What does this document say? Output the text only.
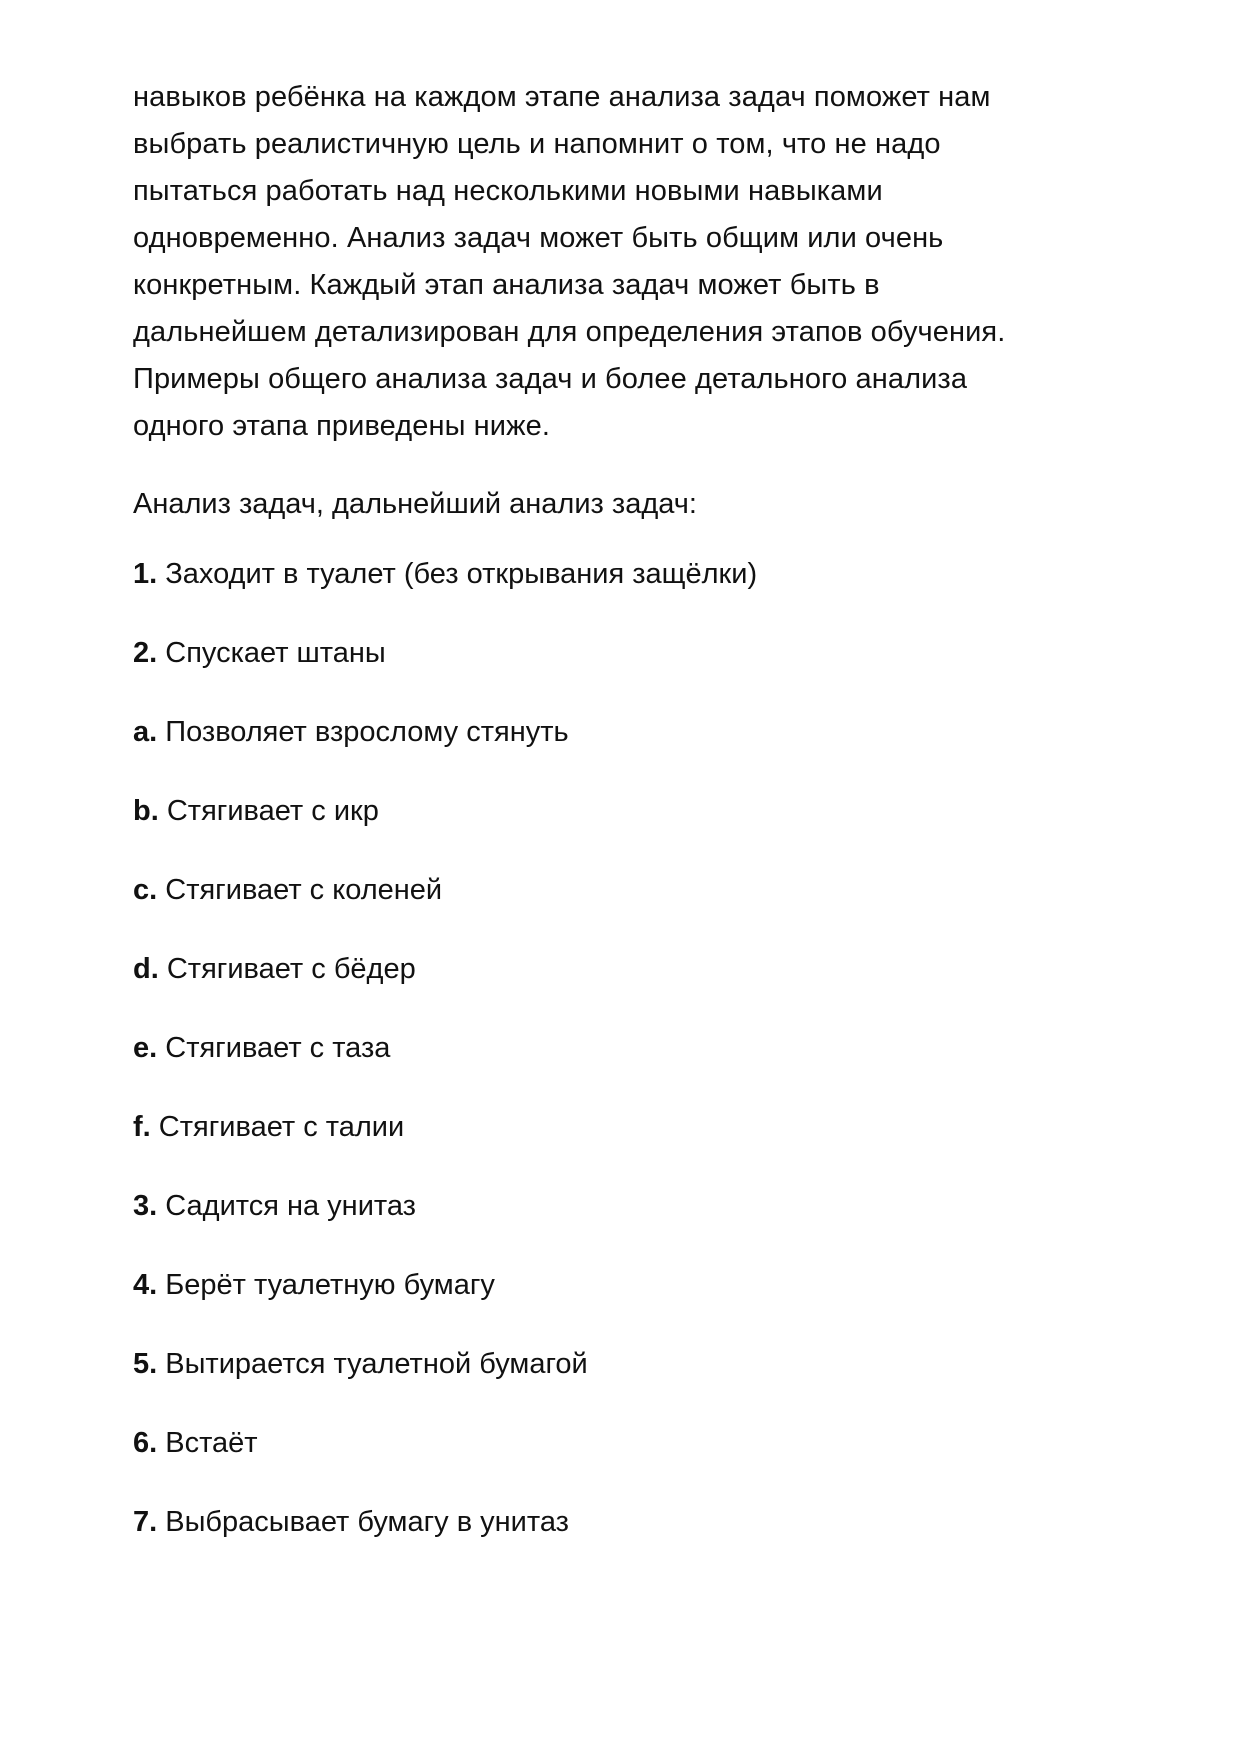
навыков ребёнка на каждом этапе анализа задач поможет нам
выбрать реалистичную цель и напомнит о том, что не надо
пытаться работать над несколькими новыми навыками
одновременно. Анализ задач может быть общим или очень
конкретным. Каждый этап анализа задач может быть в
дальнейшем детализирован для определения этапов обучения.
Примеры общего анализа задач и более детального анализа
одного этапа приведены ниже.

Анализ задач, дальнейший анализ задач:

1. Заходит в туалет (без открывания защёлки)
2. Спускает штаны
a. Позволяет взрослому стянуть
b. Стягивает с икр
c. Стягивает с коленей
d. Стягивает с бёдер
e. Стягивает с таза
f. Стягивает с талии
3. Садится на унитаз
4. Берёт туалетную бумагу
5. Вытирается туалетной бумагой
6. Встаёт
7. Выбрасывает бумагу в унитаз
